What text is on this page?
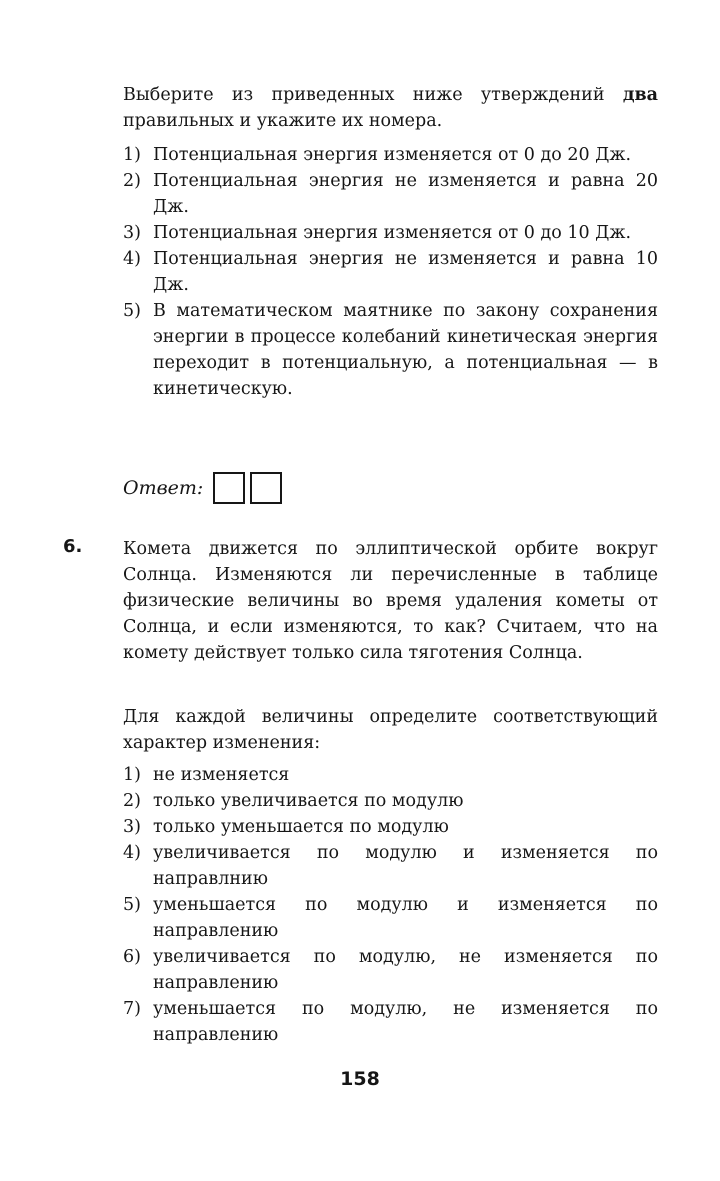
Выберите из приведенных ниже утверждений два правильных и укажите их номера.
1) Потенциальная энергия изменяется от 0 до 20 Дж.
2) Потенциальная энергия не изменяется и равна 20 Дж.
3) Потенциальная энергия изменяется от 0 до 10 Дж.
4) Потенциальная энергия не изменяется и равна 10 Дж.
5) В математическом маятнике по закону сохранения энергии в процессе колебаний кинетическая энергия переходит в потенциальную, а потенциальная — в кинетическую.
Ответ:
6. Комета движется по эллиптической орбите вокруг Солнца. Изменяются ли перечисленные в таблице физические величины во время удаления кометы от Солнца, и если изменяются, то как? Считаем, что на комету действует только сила тяготения Солнца.
Для каждой величины определите соответствующий характер изменения:
1) не изменяется
2) только увеличивается по модулю
3) только уменьшается по модулю
4) увеличивается по модулю и изменяется по направлнию
5) уменьшается по модулю и изменяется по направлению
6) увеличивается по модулю, не изменяется по направлению
7) уменьшается по модулю, не изменяется по направлению
158
